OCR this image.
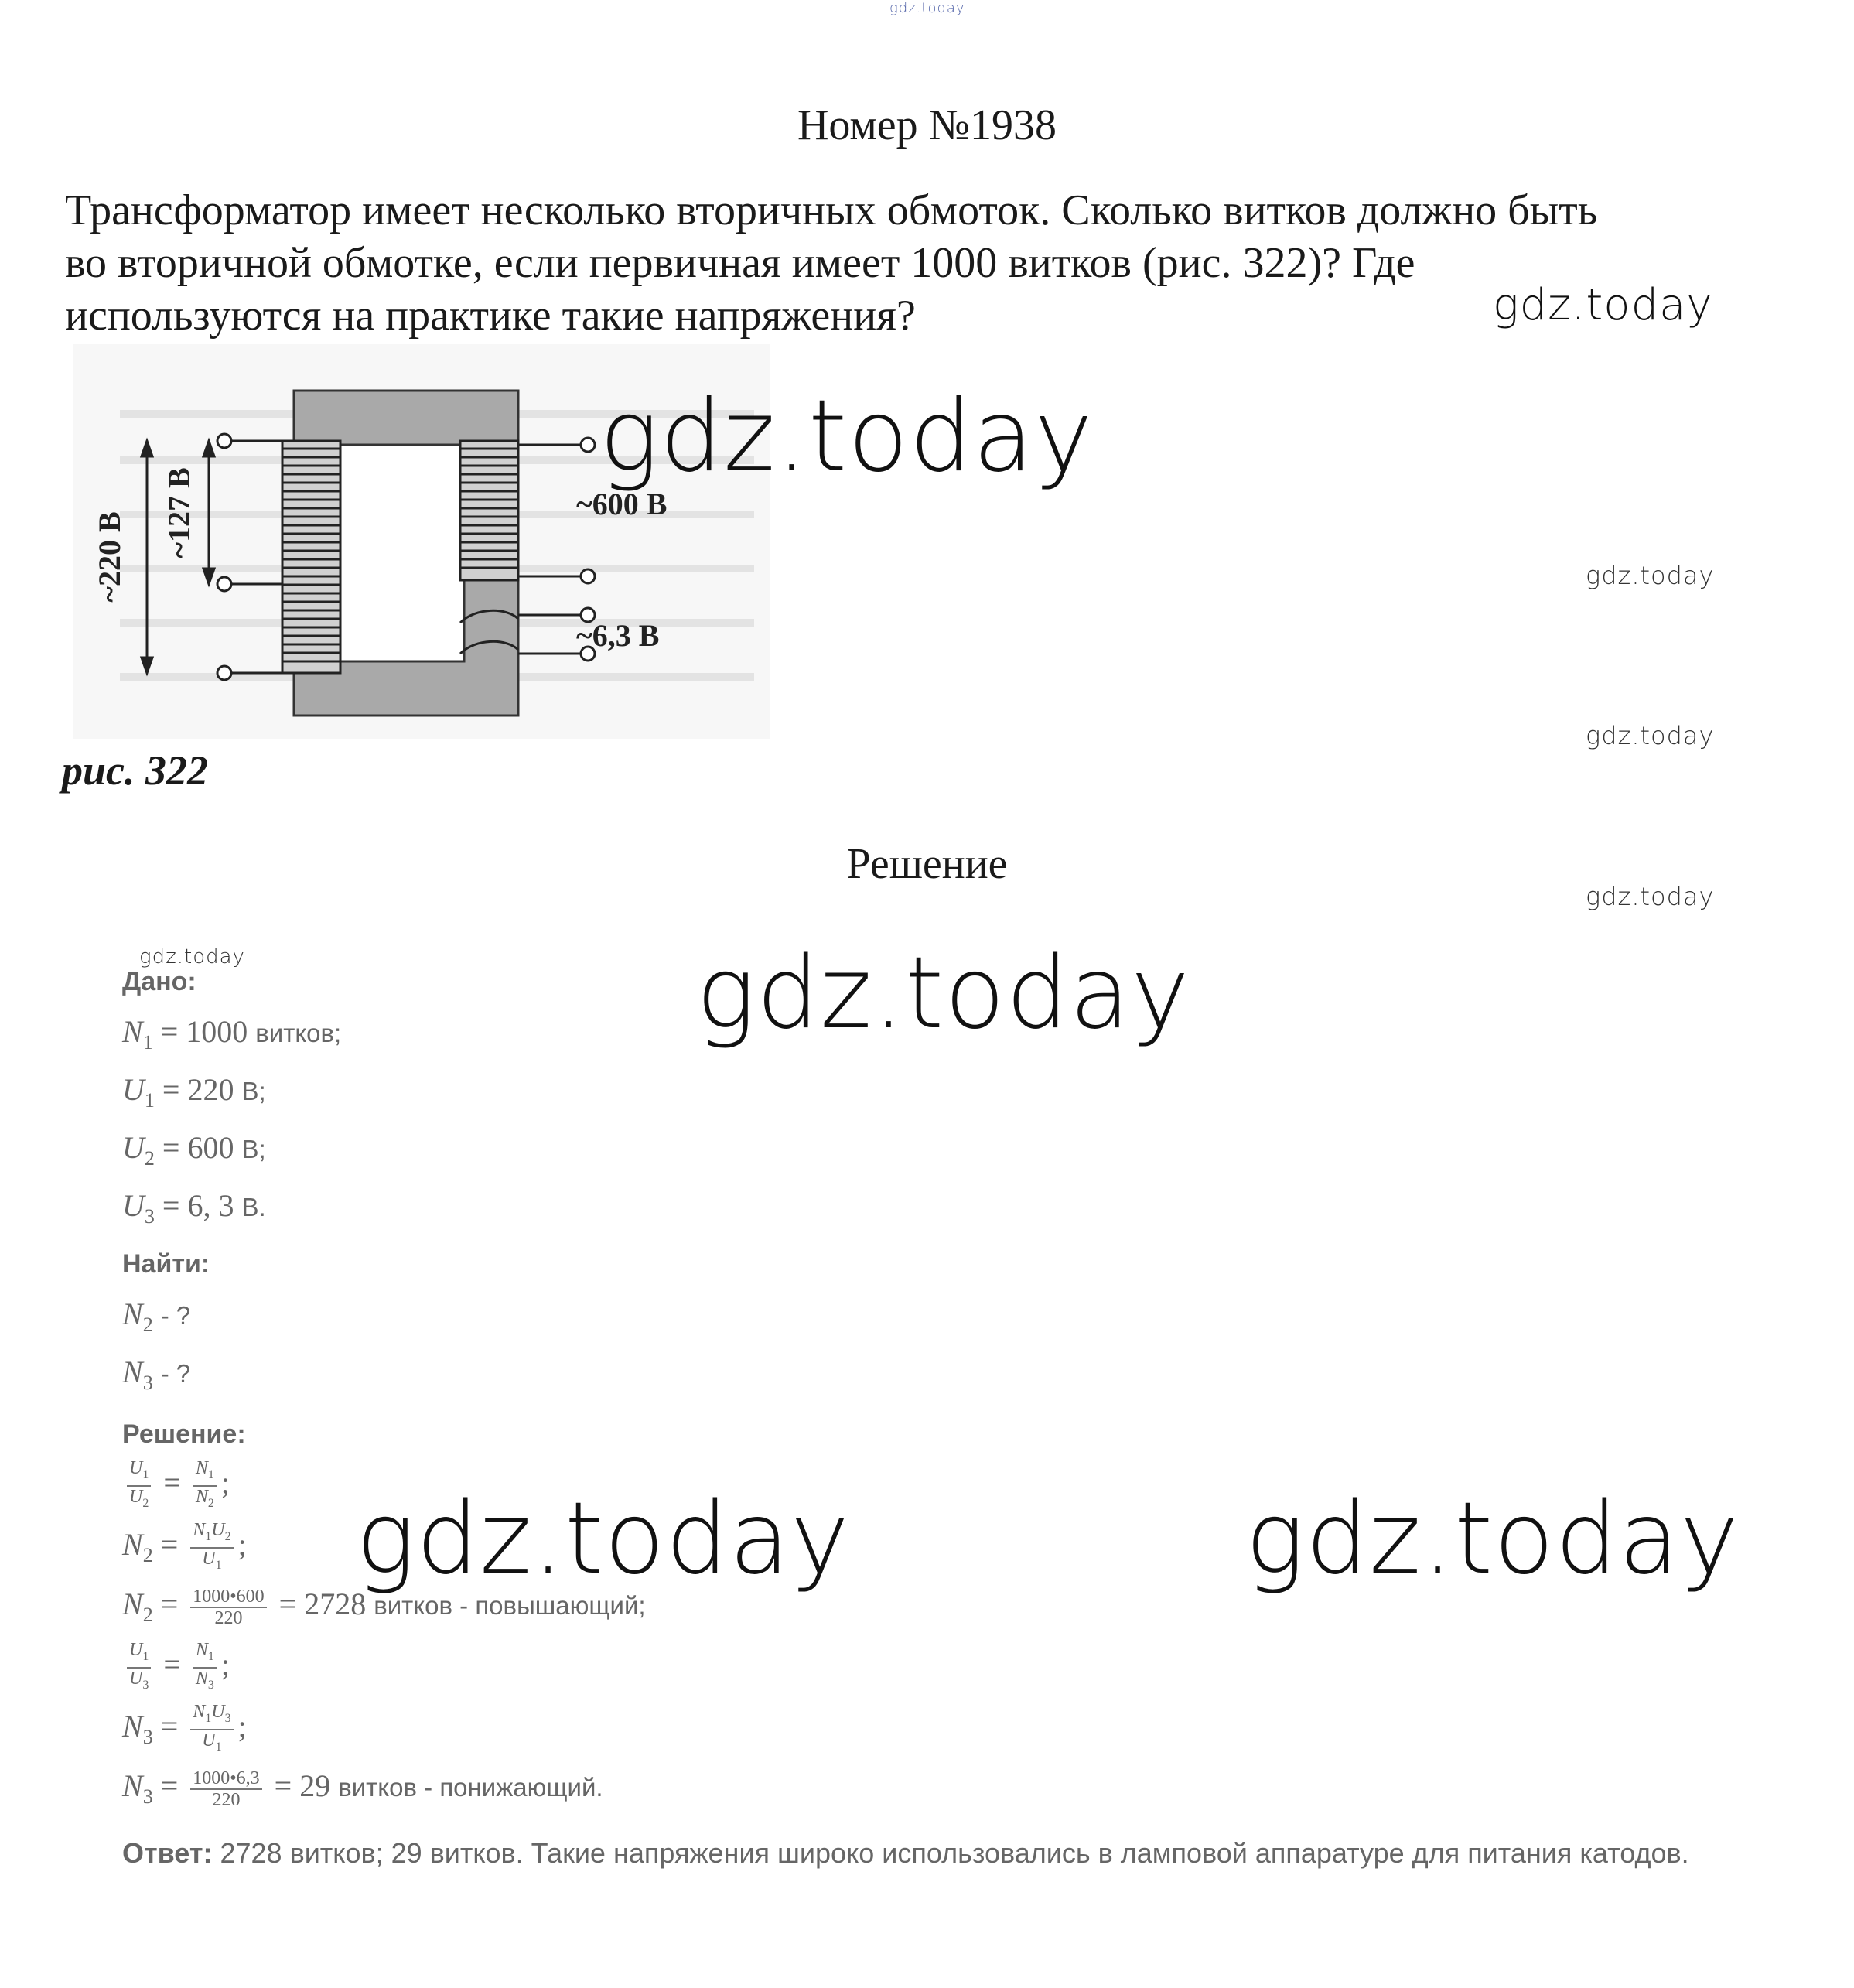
gdz.today
Номер №1938
Трансформатор имеет несколько вторичных обмоток. Сколько витков должно быть
во вторичной обмотке, если первичная имеет 1000 витков (рис. 322)? Где
используются на практике такие напряжения?
~220 В ~127 В	~600 В
~6,3 В
рис. 322
Решение
gdz.today
gdz.today
gdz.today
gdz.today
gdz.today
gdz.today	gdz.today
gdz.today	gdz.today
Дано:
$N_1 = 1000$ витков;
$U_1 = 220$ В;
$U_2 = 600$ В;
$U_3 = 6$, 3 В.
Найти:
$N_2$ - ?
$N_3$ - ?
Решение:
$\frac{U_1}{U_2} = \frac{N_1}{N_2}$ ;
$N_2 = \frac{N_1U_2}{U_1}$ ;
$N_2 = \frac{1000•600}{220} = 2728$ витков - повышающий;
$\frac{U_1}{U_3} = \frac{N_1}{N_3}$ ;
$N_3 = \frac{N_1U_3}{U_1}$ ;
$N_3 = \frac{1000•6,3}{220} = 29$ витков - понижающий.
Ответ: 2728 витков; 29 витков. Такие напряжения широко использовались в ламповой аппаратуре для питания катодов.
